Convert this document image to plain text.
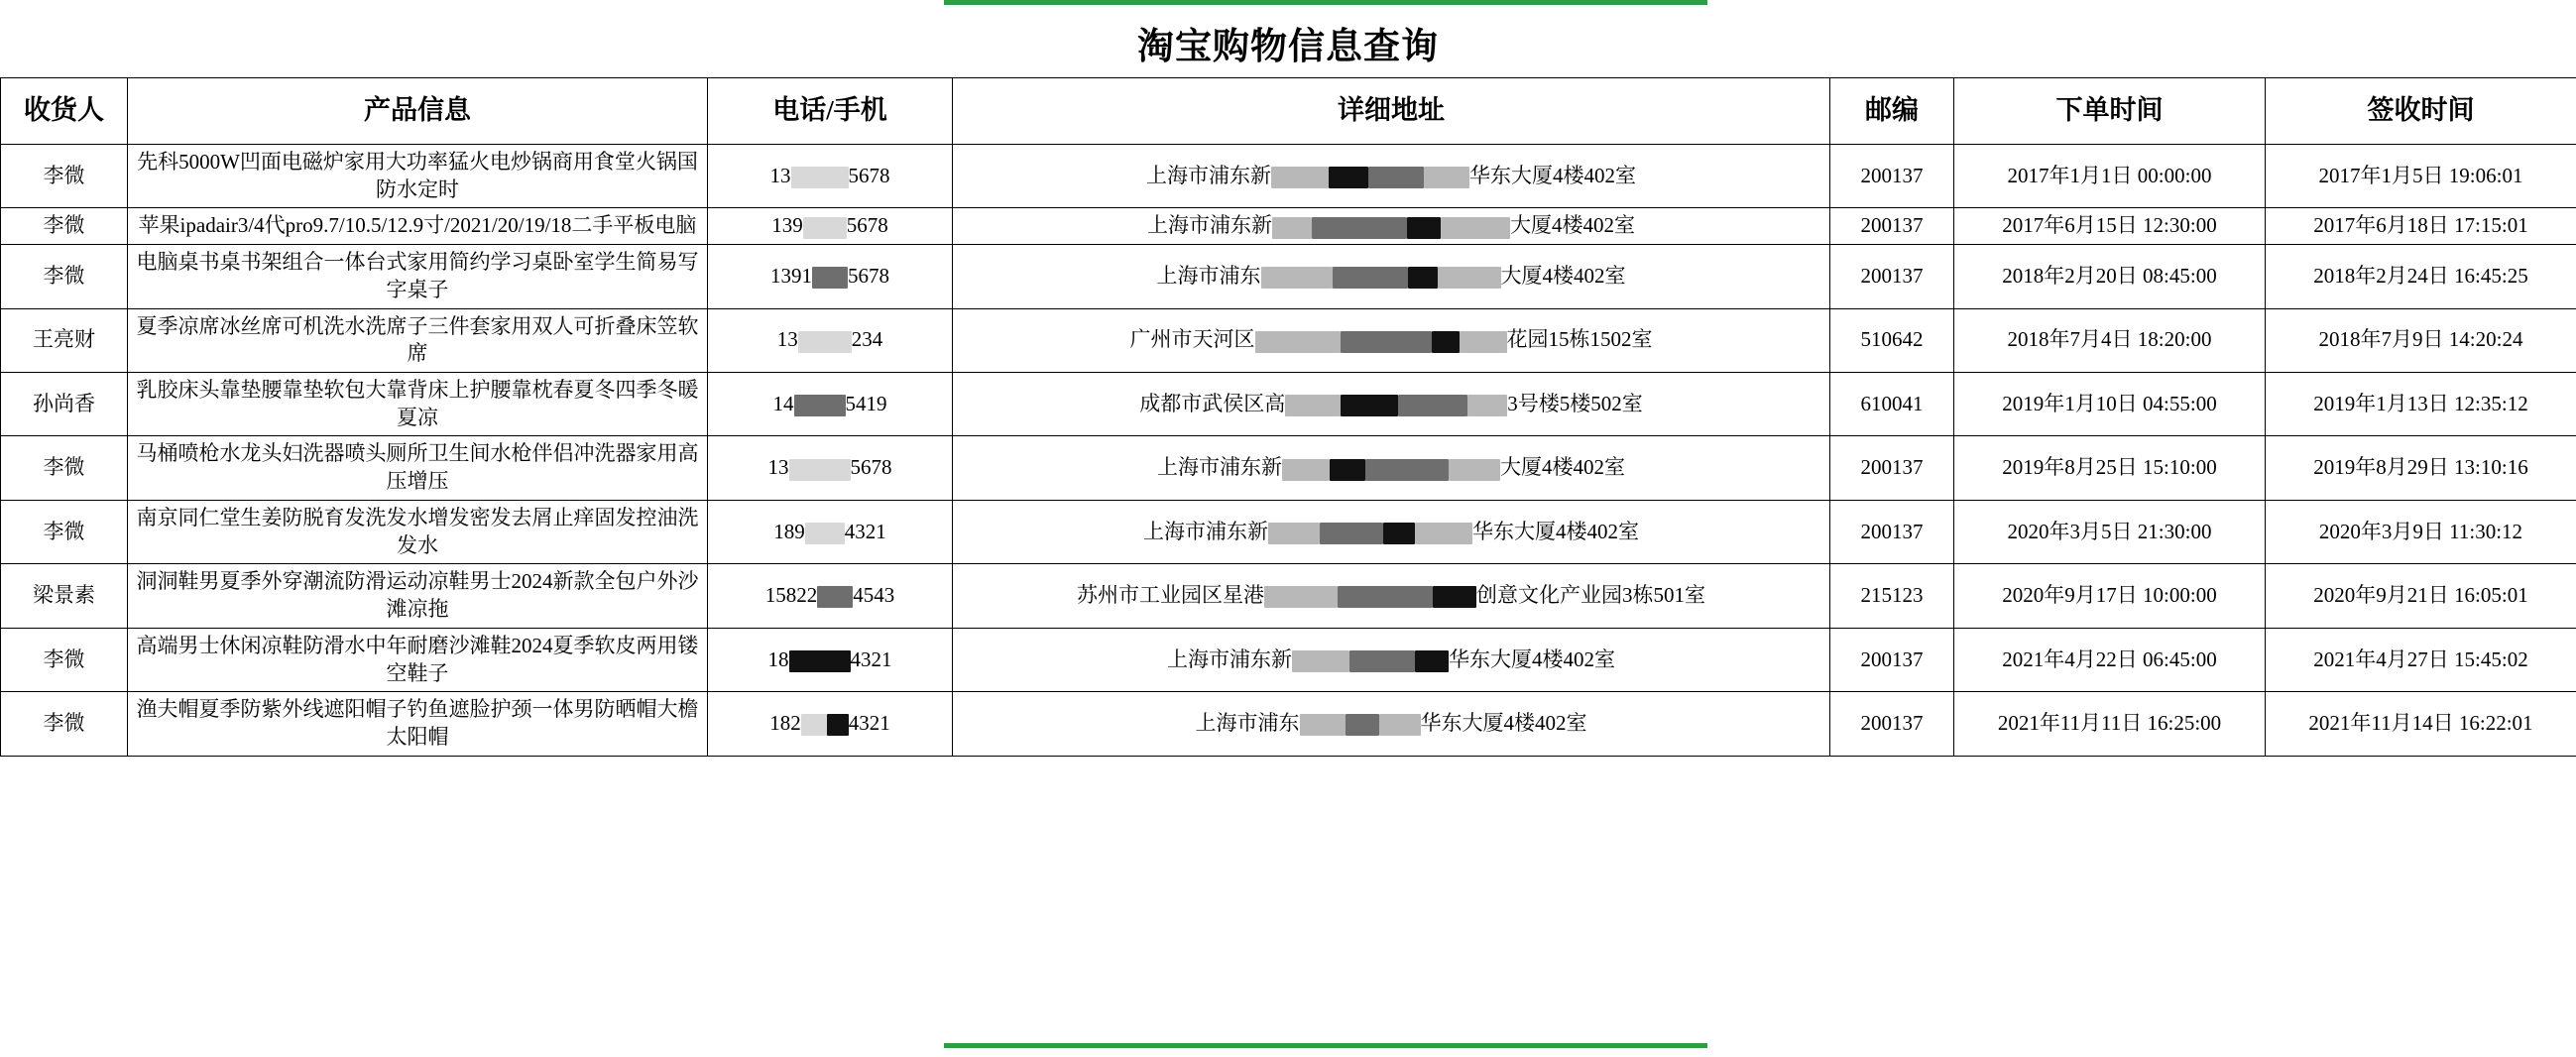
淘宝购物信息查询
收货人	产品信息	电话/手机	详细地址	邮编	下单时间	签收时间
李微	先科5000W凹面电磁炉家用大功率猛火电炒锅商用食堂火锅国防水定时	13 5678	上海市浦东新 华东大厦4楼402室	200137	2017年1月1日 00:00:00	2017年1月5日 19:06:01
李微	苹果ipadair3/4代pro9.7/10.5/12.9寸/2021/20/19/18二手平板电脑	139 5678	上海市浦东新 大厦4楼402室	200137	2017年6月15日 12:30:00	2017年6月18日 17:15:01
李微	电脑桌书桌书架组合一体台式家用简约学习桌卧室学生简易写字桌子	1391 5678	上海市浦东 大厦4楼402室	200137	2018年2月20日 08:45:00	2018年2月24日 16:45:25
王亮财	夏季凉席冰丝席可机洗水洗席子三件套家用双人可折叠床笠软席	13 234	广州市天河区 花园15栋1502室	510642	2018年7月4日 18:20:00	2018年7月9日 14:20:24
孙尚香	乳胶床头靠垫腰靠垫软包大靠背床上护腰靠枕春夏冬四季冬暖夏凉	14 5419	成都市武侯区高 3号楼5楼502室	610041	2019年1月10日 04:55:00	2019年1月13日 12:35:12
李微	马桶喷枪水龙头妇洗器喷头厕所卫生间水枪伴侣冲洗器家用高压增压	13 5678	上海市浦东新 大厦4楼402室	200137	2019年8月25日 15:10:00	2019年8月29日 13:10:16
李微	南京同仁堂生姜防脱育发洗发水增发密发去屑止痒固发控油洗发水	189 4321	上海市浦东新 华东大厦4楼402室	200137	2020年3月5日 21:30:00	2020年3月9日 11:30:12
梁景素	洞洞鞋男夏季外穿潮流防滑运动凉鞋男士2024新款全包户外沙滩凉拖	15822 4543	苏州市工业园区星港 创意文化产业园3栋501室	215123	2020年9月17日 10:00:00	2020年9月21日 16:05:01
李微	高端男士休闲凉鞋防滑水中年耐磨沙滩鞋2024夏季软皮两用镂空鞋子	18 4321	上海市浦东新 华东大厦4楼402室	200137	2021年4月22日 06:45:00	2021年4月27日 15:45:02
李微	渔夫帽夏季防紫外线遮阳帽子钓鱼遮脸护颈一体男防晒帽大檐太阳帽	182 4321	上海市浦东 华东大厦4楼402室	200137	2021年11月11日 16:25:00	2021年11月14日 16:22:01
